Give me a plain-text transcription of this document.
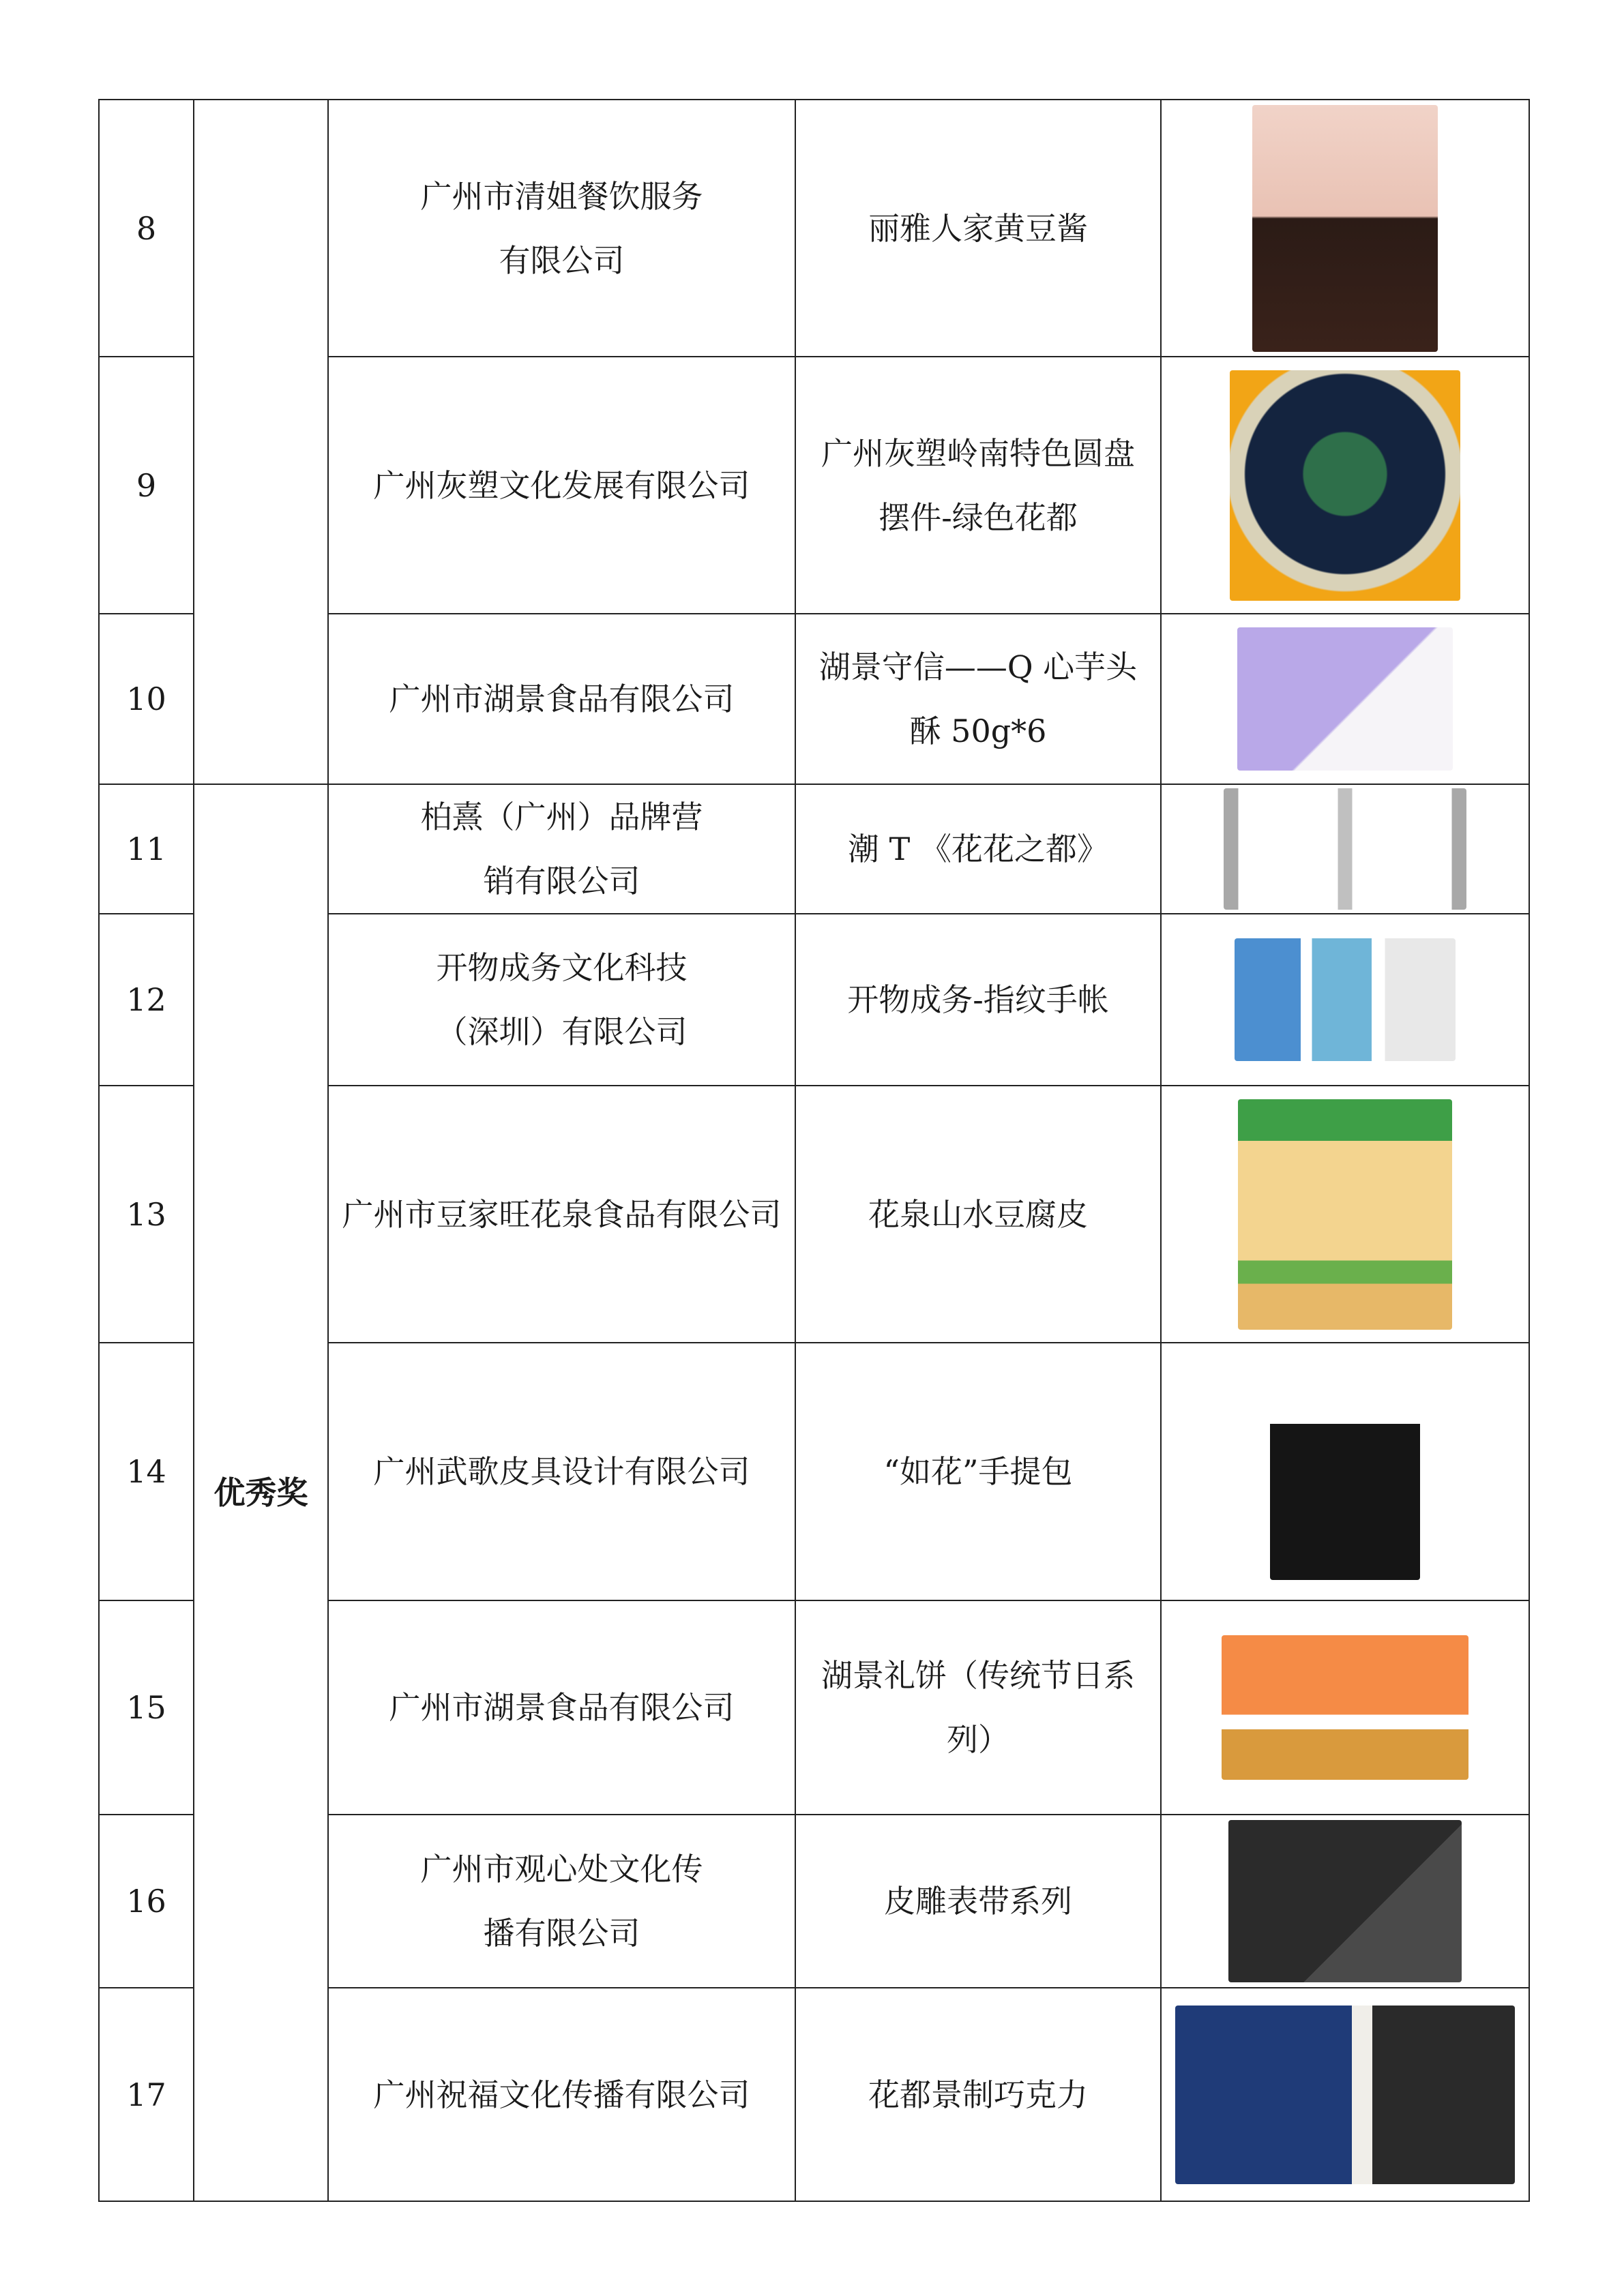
8		广州市清姐餐饮服务有限公司	丽雅人家黄豆酱	

9		广州灰塑文化发展有限公司	广州灰塑岭南特色圆盘摆件-绿色花都	

10		广州市湖景食品有限公司	湖景守信——Q 心芋头酥 50g*6	

11	优秀奖	柏熹（广州）品牌营销有限公司	潮 T 《花花之都》	

12		开物成务文化科技（深圳）有限公司	开物成务-指纹手帐	

13		广州市豆家旺花泉食品有限公司	花泉山水豆腐皮	

14		广州武歌皮具设计有限公司	“如花”手提包	

15		广州市湖景食品有限公司	湖景礼饼（传统节日系列）	

16		广州市观心处文化传播有限公司	皮雕表带系列	

17		广州祝福文化传播有限公司	花都景制巧克力	
